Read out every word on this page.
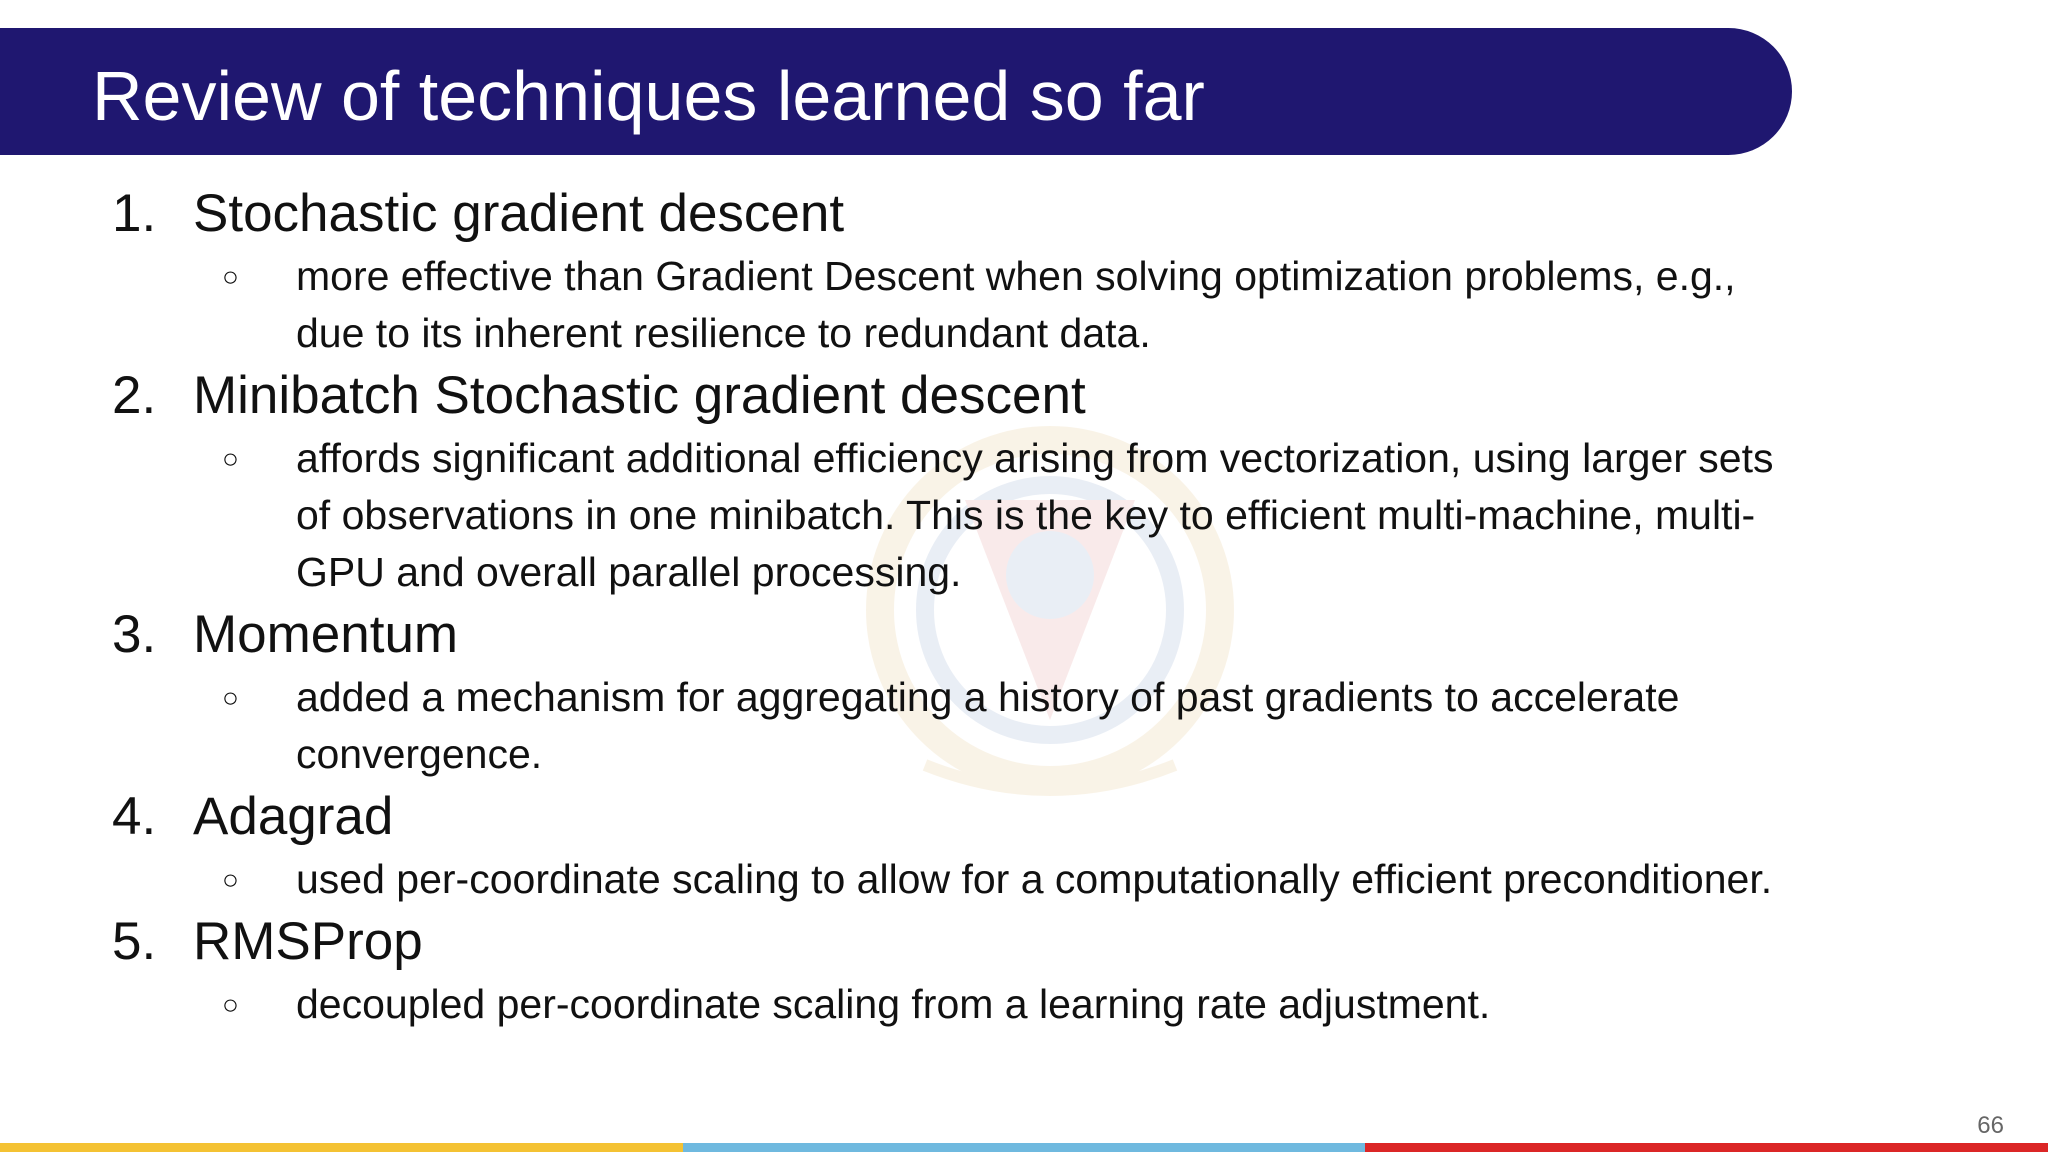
Review of techniques learned so far
1. Stochastic gradient descent
○ more effective than Gradient Descent when solving optimization problems, e.g.,
due to its inherent resilience to redundant data.
2. Minibatch Stochastic gradient descent
○ affords significant additional efficiency arising from vectorization, using larger sets
of observations in one minibatch. This is the key to efficient multi-machine, multi-
GPU and overall parallel processing.
3. Momentum
○ added a mechanism for aggregating a history of past gradients to accelerate
convergence.
4. Adagrad
○ used per-coordinate scaling to allow for a computationally efficient preconditioner.
5. RMSProp
○ decoupled per-coordinate scaling from a learning rate adjustment.
66
